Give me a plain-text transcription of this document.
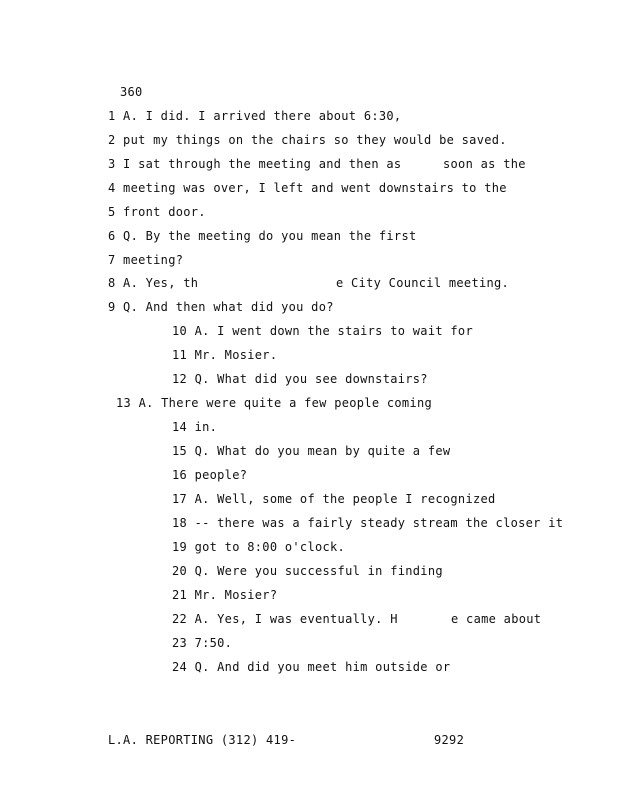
360
1 A. I did. I arrived there about 6:30,
2 put my things on the chairs so they would be saved.
3 I sat through the meeting and then as	soon as the
4 meeting was over, I left and went downstairs to the
5 front door.
6 Q. By the meeting do you mean the first
7 meeting?
8 A. Yes, th	e City Council meeting.
9 Q. And then what did you do?
10 A. I went down the stairs to wait for
11 Mr. Mosier.
12 Q. What did you see downstairs?
13 A. There were quite a few people coming
14 in.
15 Q. What do you mean by quite a few
16 people?
17 A. Well, some of the people I recognized
18 -- there was a fairly steady stream the closer it
19 got to 8:00 o'clock.
20 Q. Were you successful in finding
21 Mr. Mosier?
22 A. Yes, I was eventually. H	e came about
23 7:50.
24 Q. And did you meet him outside or
L.A. REPORTING (312) 419-	9292
